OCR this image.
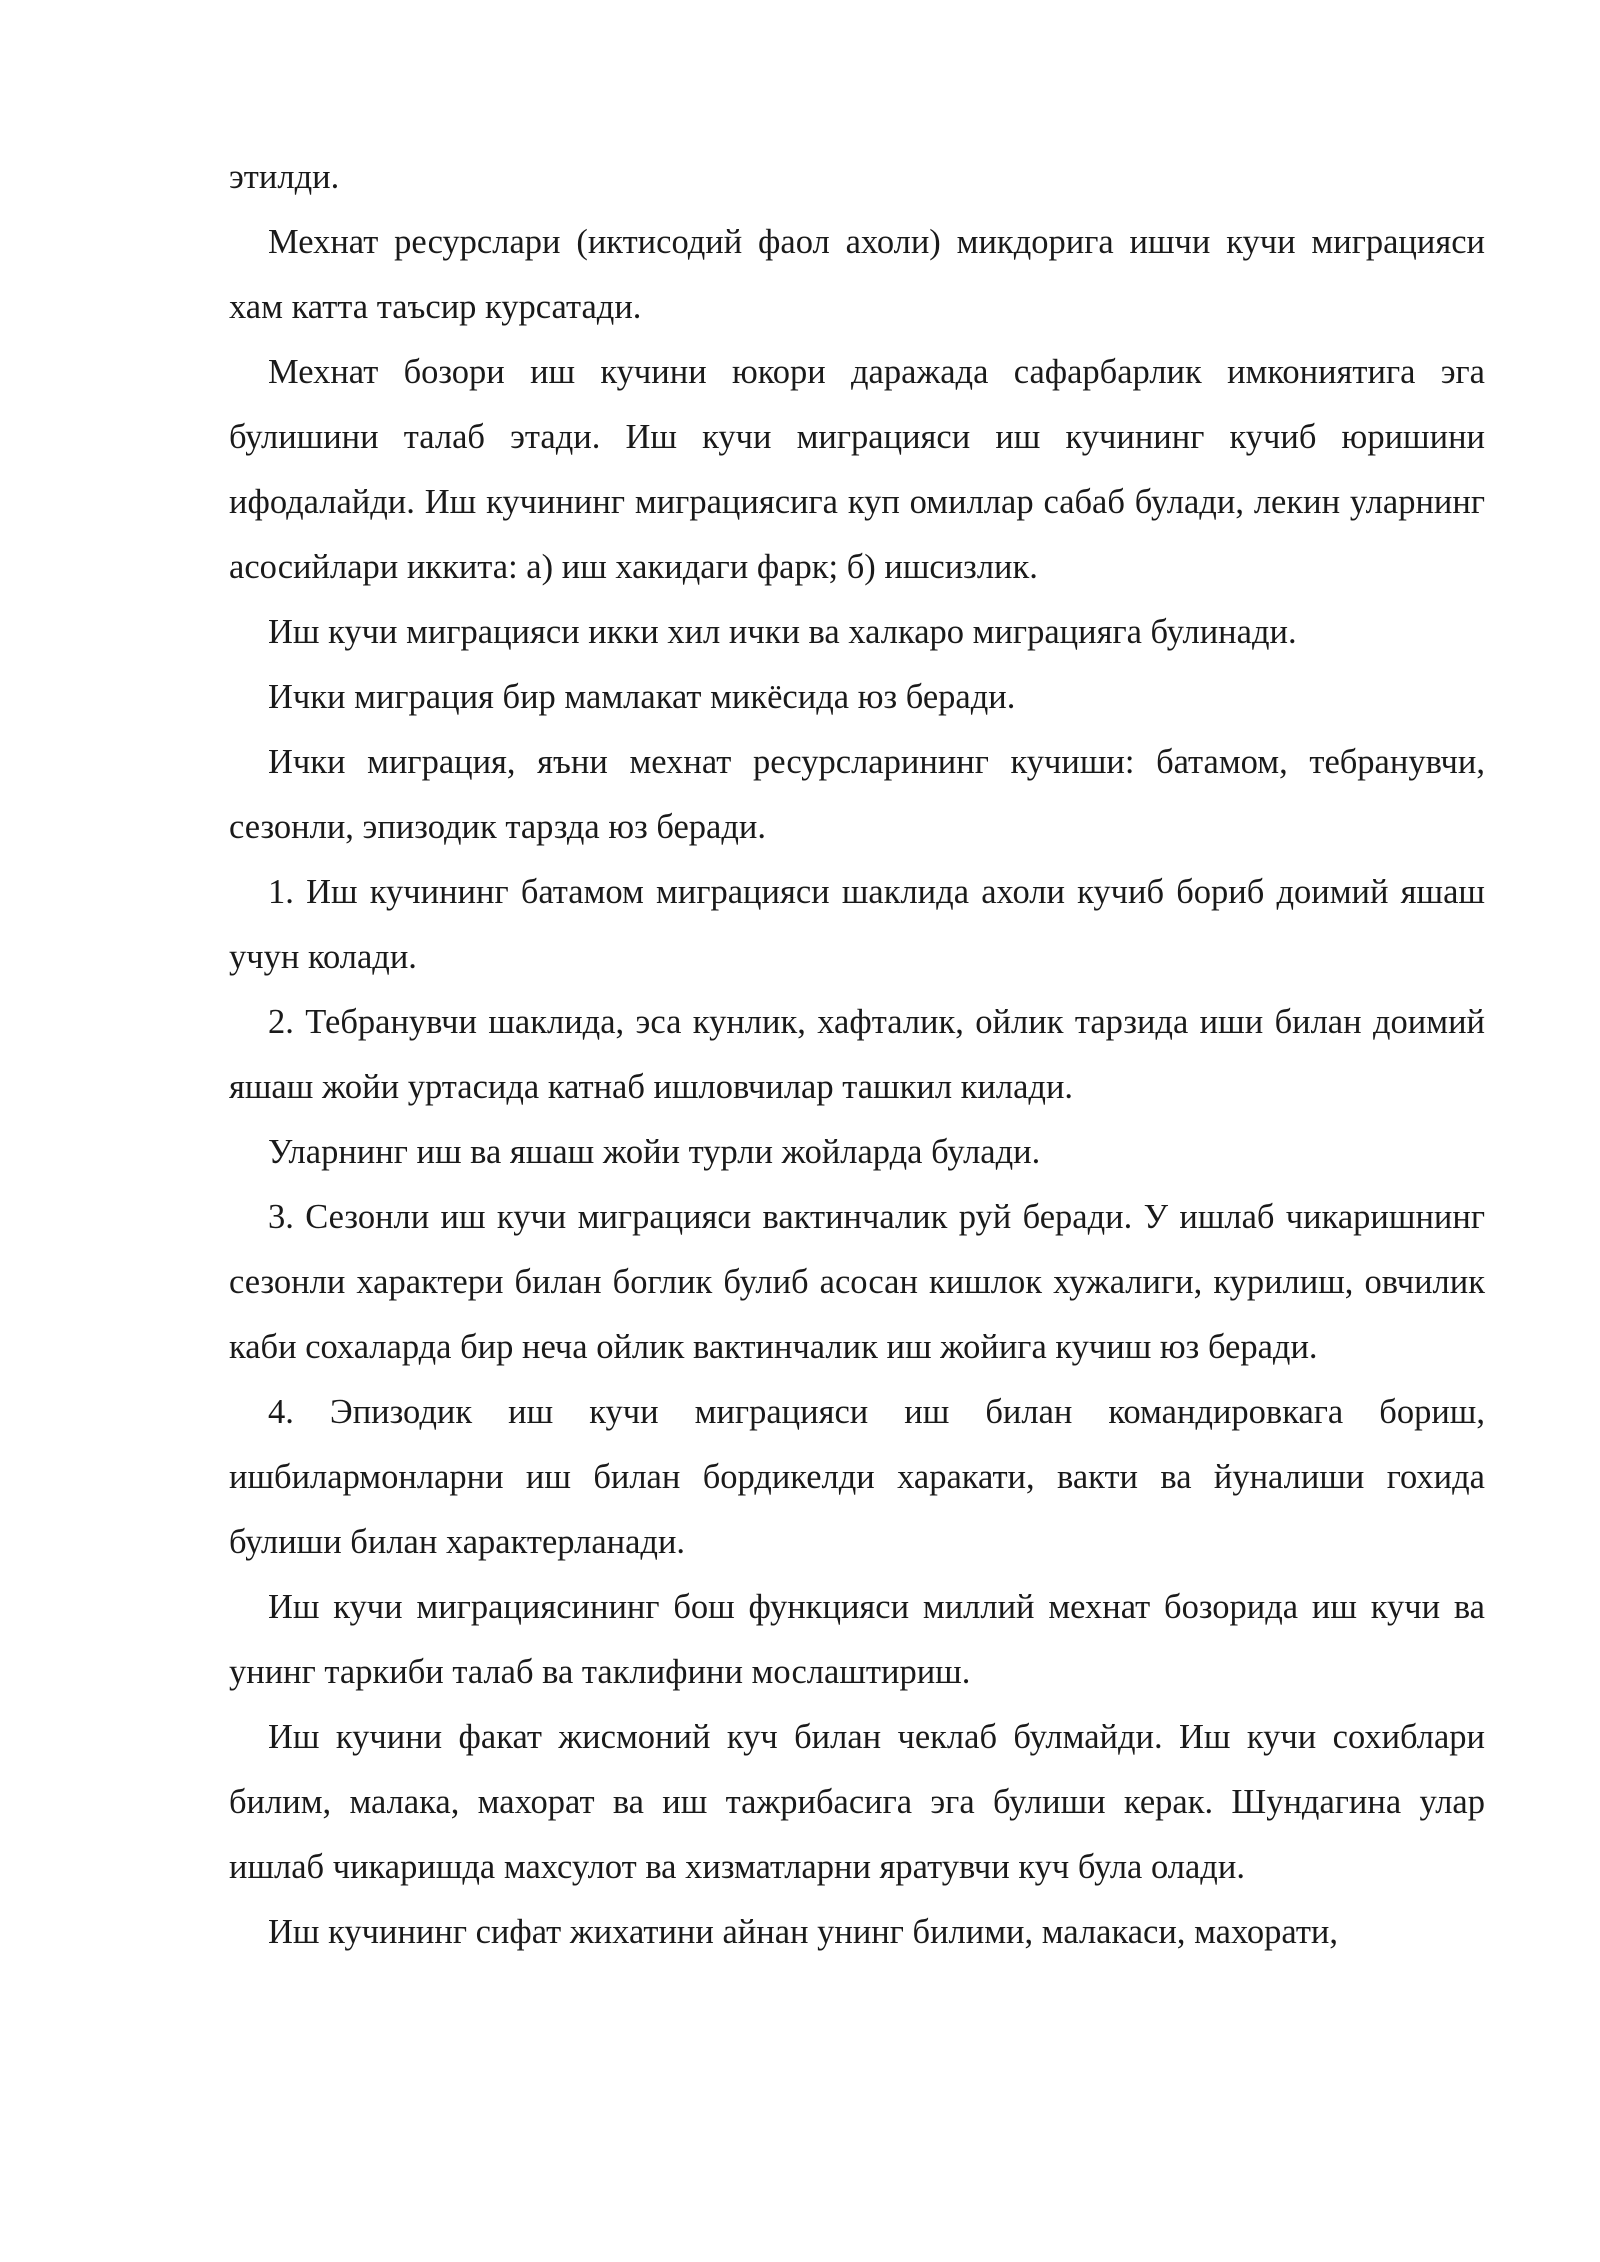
этилди.

Мехнат ресурслари (иктисодий фаол ахоли) микдорига ишчи кучи миграцияси хам катта таъсир курсатади.

Мехнат бозори иш кучини юкори даражада сафарбарлик имкониятига эга булишини талаб этади. Иш кучи миграцияси иш кучининг кучиб юришини ифодалайди. Иш кучининг миграциясига куп омиллар сабаб булади, лекин уларнинг асосийлари иккита: а) иш хакидаги фарк; б) ишсизлик.

Иш кучи миграцияси икки хил ички ва халкаро миграцияга булинади.

Ички миграция бир мамлакат микёсида юз беради.

Ички миграция, яъни мехнат ресурсларининг кучиши: батамом, тебранувчи, сезонли, эпизодик тарзда юз беради.

1. Иш кучининг батамом миграцияси шаклида ахоли кучиб бориб доимий яшаш учун колади.

2. Тебранувчи шаклида, эса кунлик, хафталик, ойлик тарзида иши билан доимий яшаш жойи уртасида катнаб ишловчилар ташкил килади.

Уларнинг иш ва яшаш жойи турли жойларда булади.

3. Сезонли иш кучи миграцияси вактинчалик руй беради. У ишлаб чикаришнинг сезонли характери билан боглик булиб асосан кишлок хужалиги, курилиш, овчилик каби сохаларда бир неча ойлик вактинчалик иш жойига кучиш юз беради.

4. Эпизодик иш кучи миграцияси иш билан командировкага бориш, ишбилармонларни иш билан бордикелди харакати, вакти ва йуналиши гохида булиши билан характерланади.

Иш кучи миграциясининг бош функцияси миллий мехнат бозорида иш кучи ва унинг таркиби талаб ва таклифини мослаштириш.

Иш кучини факат жисмоний куч билан чеклаб булмайди. Иш кучи сохиблари билим, малака, махорат ва иш тажрибасига эга булиши керак. Шундагина улар ишлаб чикаришда махсулот ва хизматларни яратувчи куч була олади.

Иш кучининг сифат жихатини айнан унинг билими, малакаси, махорати,
